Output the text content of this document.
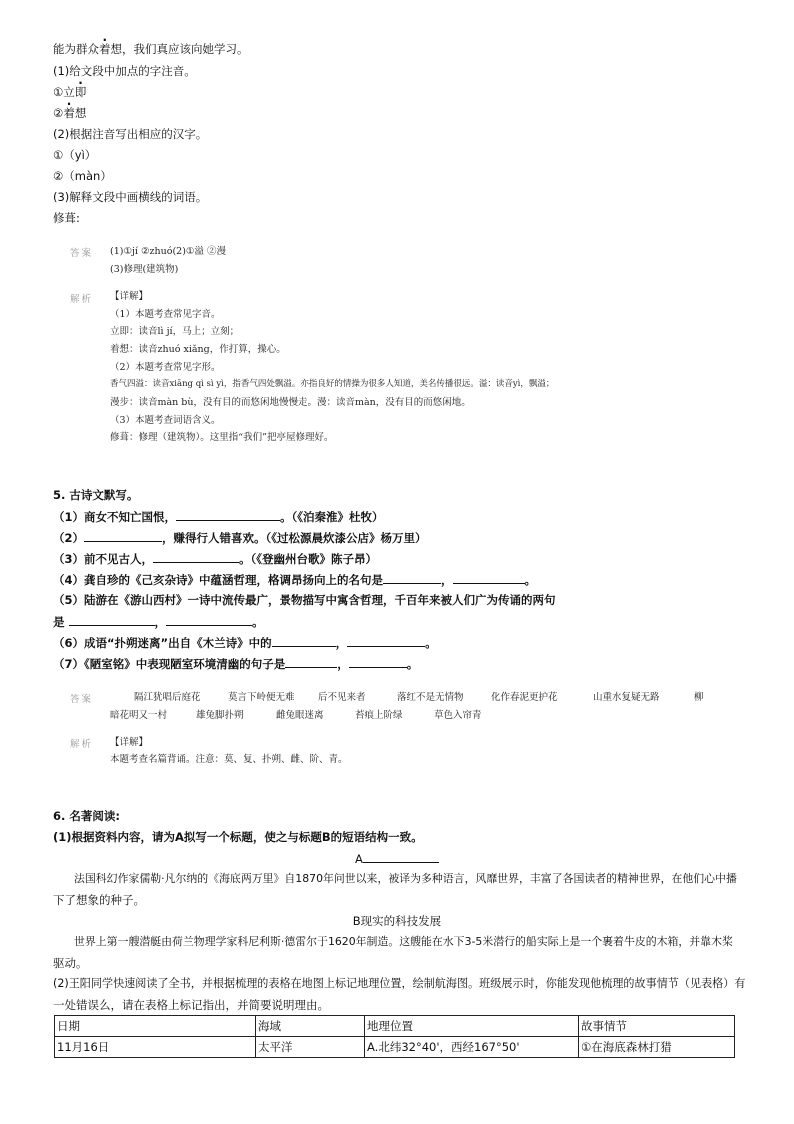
能为群众着想，我们真应该向她学习。
(1)给文段中加点的字注音。
①立即
②着想
(2)根据注音写出相应的汉字。
①（yì）
②（màn）
(3)解释文段中画横线的词语。
修葺:
答案 (1)①jí ②zhuó(2)①溢 ②漫
(3)修理(建筑物)
解析 【详解】
（1）本题考查常见字音。
立即：读音lì jí，马上；立刻；
着想：读音zhuó xiǎng，作打算，操心。
（2）本题考查常见字形。
香气四溢：读音xiāng qì sì yì，指香气四处飘溢。亦指良好的情操为很多人知道，美名传播很远。溢：读音yì，飘溢；
漫步：读音màn bù，没有目的而悠闲地慢慢走。漫：读音màn，没有目的而悠闲地。
（3）本题考查词语含义。
修葺：修理（建筑物）。这里指“我们”把亭屋修理好。
5. 古诗文默写。
（1）商女不知亡国恨，	。（《泊秦淮》杜牧）
（2）	，赚得行人错喜欢。（《过松源晨炊漆公店》杨万里）
（3）前不见古人，	。（《登幽州台歌》陈子昂）
（4）龚自珍的《己亥杂诗》中蕴涵哲理，格调昂扬向上的名句是	，	。
（5）陆游在《游山西村》一诗中流传最广，景物描写中寓含哲理，千百年来被人们广为传诵的两句
是	，	。
（6）成语“扑朔迷离”出自《木兰诗》中的	，	。
（7）《陋室铭》中表现陋室环境清幽的句子是	，	。
答案	隔江犹唱后庭花	莫言下岭便无难 后不见来者	落红不是无情物	化作春泥更护花	山重水复疑无路	柳
暗花明又一村	雄兔脚扑朔	雌兔眼迷离	苔痕上阶绿	草色入帘青
解析 【详解】
本题考查名篇背诵。注意：莫、复、扑朔、雌、阶、青。
6. 名著阅读:
(1)根据资料内容，请为A拟写一个标题，使之与标题B的短语结构一致。
A
法国科幻作家儒勒·凡尔纳的《海底两万里》自1870年问世以来，被译为多种语言，风靡世界，丰富了各国读者的精神世界，在他们心中播
下了想象的种子。
B现实的科技发展
世界上第一艘潜艇由荷兰物理学家科尼利斯·德雷尔于1620年制造。这艘能在水下3-5米潜行的船实际上是一个裹着牛皮的木箱，并靠木桨
驱动。
(2)王阳同学快速阅读了全书，并根据梳理的表格在地图上标记地理位置，绘制航海图。班级展示时，你能发现他梳理的故事情节（见表格）有
一处错误么，请在表格上标记指出，并简要说明理由。
日期	海域	地理位置	故事情节
11月16日	太平洋	A.北纬32°40'，西经167°50'	①在海底森林打猎
